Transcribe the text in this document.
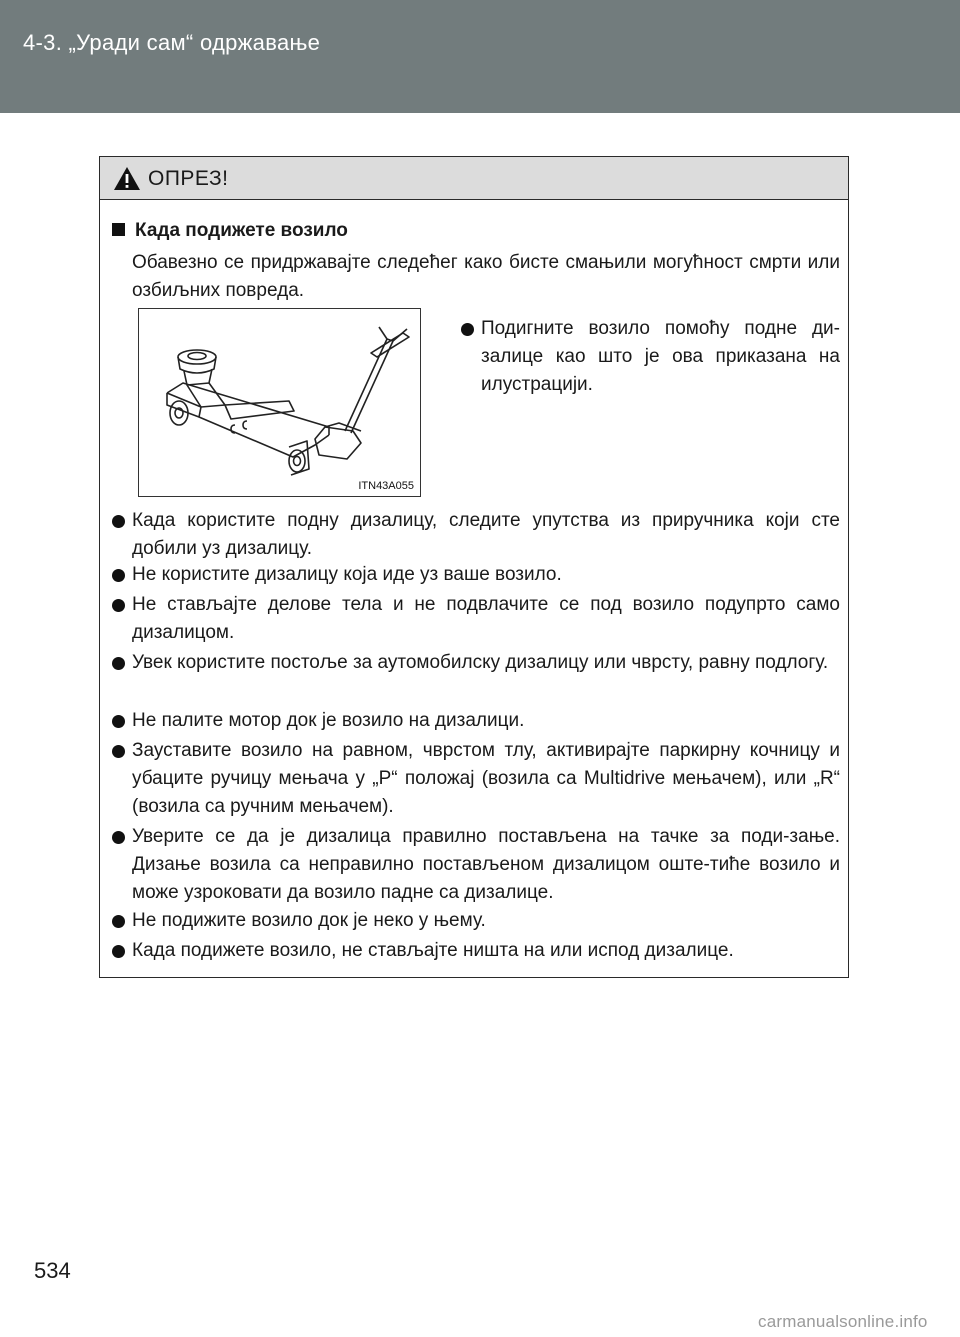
4-3. „Уради сам“ одржавање
ОПРЕЗ!
Када подижете возило
Обавезно се придржавајте следећег како бисте смањили могућност смрти или озбиљних повреда.
ITN43A055
Подигните возило помоћу подне ди-залице као што је ова приказана на илустрацији.
Када користите подну дизалицу, следите упутства из приручника који сте добили уз дизалицу.
Не користите дизалицу која иде уз ваше возило.
Не стављајте делове тела и не подвлачите се под возило подупрто само дизалицом.
Увек користите постоље за аутомобилску дизалицу или чврсту, равну подлогу.
Не палите мотор док је возило на дизалици.
Зауставите возило на равном, чврстом тлу, активирајте паркирну кочницу и убаците ручицу мењача у „P“ положај (возила са Multidrive мењачем), или „R“ (возила са ручним мењачем).
Уверите се да је дизалица правилно постављена на тачке за поди-зање. Дизање возила са неправилно постављеном дизалицом оште-тиће возило и може узроковати да возило падне са дизалице.
Не подижите возило док је неко у њему.
Када подижете возило, не стављајте ништа на или испод дизалице.
534
carmanualsonline.info
